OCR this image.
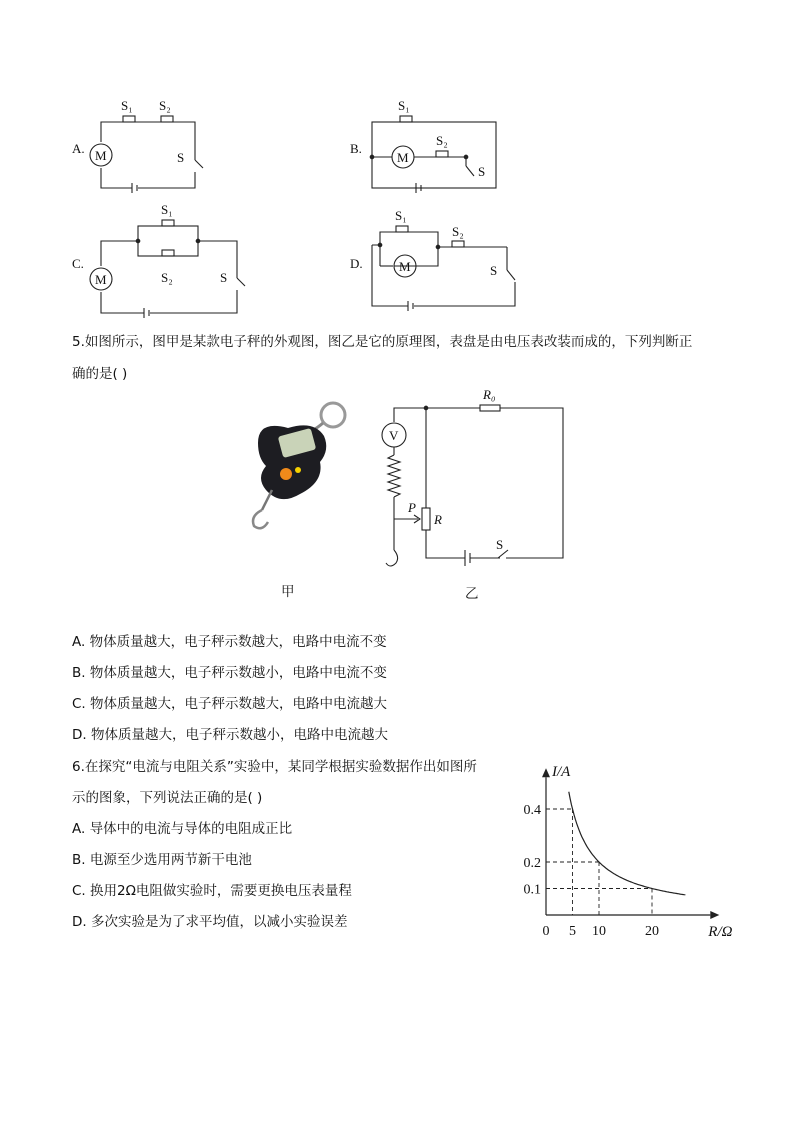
A.	B.
C.	D.
M	M
M
M
S₁ S₂
S
S₁
S₂
S
S₁
S₂	S
S₁
S₂
S
5.如图所示，图甲是某款电子秤的外观图，图乙是它的原理图，表盘是由电压表改装而成的，下列判断正
确的是( )
V
R₀
R
P
S
甲	乙
A. 物体质量越大，电子秤示数越大，电路中电流不变
B. 物体质量越大，电子秤示数越小，电路中电流不变
C. 物体质量越大，电子秤示数越大，电路中电流越大
D. 物体质量越大，电子秤示数越小，电路中电流越大
6.在探究“电流与电阻关系”实验中，某同学根据实验数据作出如图所
示的图象，下列说法正确的是( )
A. 导体中的电流与导体的电阻成正比
B. 电源至少选用两节新干电池
C. 换用2Ω电阻做实验时，需要更换电压表量程
D. 多次实验是为了求平均值，以减小实验误差
0 5 10	20
0.1
0.2
0.4
R/Ω
I/A
